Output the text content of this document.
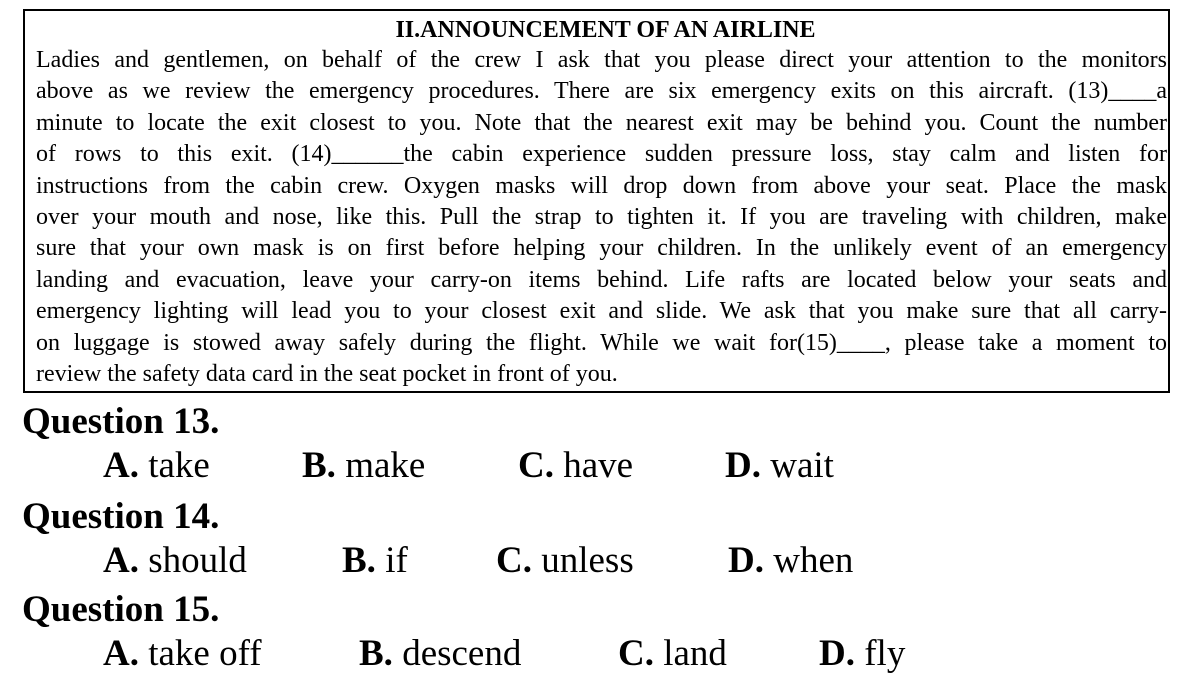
II.ANNOUNCEMENT OF AN AIRLINE

Ladies and gentlemen, on behalf of the crew I ask that you please direct your attention to the monitors
above as we review the emergency procedures. There are six emergency exits on this aircraft. (13)____a
minute to locate the exit closest to you. Note that the nearest exit may be behind you. Count the number
of rows to this exit. (14)______the cabin experience sudden pressure loss, stay calm and listen for
instructions from the cabin crew. Oxygen masks will drop down from above your seat. Place the mask
over your mouth and nose, like this. Pull the strap to tighten it. If you are traveling with children, make
sure that your own mask is on first before helping your children. In the unlikely event of an emergency
landing and evacuation, leave your carry-on items behind. Life rafts are located below your seats and
emergency lighting will lead you to your closest exit and slide. We ask that you make sure that all carry-
on luggage is stowed away safely during the flight. While we wait for(15)____, please take a moment to
review the safety data card in the seat pocket in front of you.

Question 13.

A. take B. make	C. have D. wait

Question 14.

A. should	B. if C. unless	D. when

Question 15.

A. take off	B. descend	C. land D. fly
